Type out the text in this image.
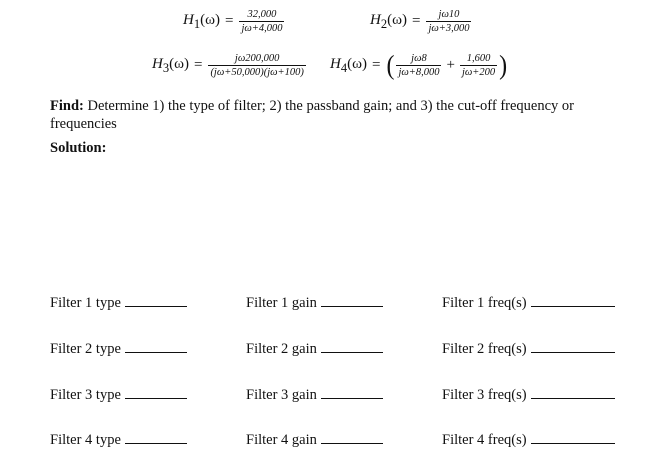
$H_1(\omega) = \frac{32,000}{j\omega+4,000}$	$H_2(\omega) = \frac{j\omega 10}{j\omega+3,000}$
$H_3(\omega) = \frac{j\omega 200,000}{(j\omega+50,000)(j\omega+100)} H_4(\omega)$ = ( $\frac{j\omega 8}{j\omega+8,000} + \frac{1,600}{j\omega+200}$ )
Find: Determine 1) the type of filter; 2) the passband gain; and 3) the cut-off frequency or frequencies
Solution:
Filter 1 type	Filter 1 gain	Filter 1 freq(s)
Filter 2 type	Filter 2 gain	Filter 2 freq(s)
Filter 3 type	Filter 3 gain	Filter 3 freq(s)
Filter 4 type	Filter 4 gain	Filter 4 freq(s)
